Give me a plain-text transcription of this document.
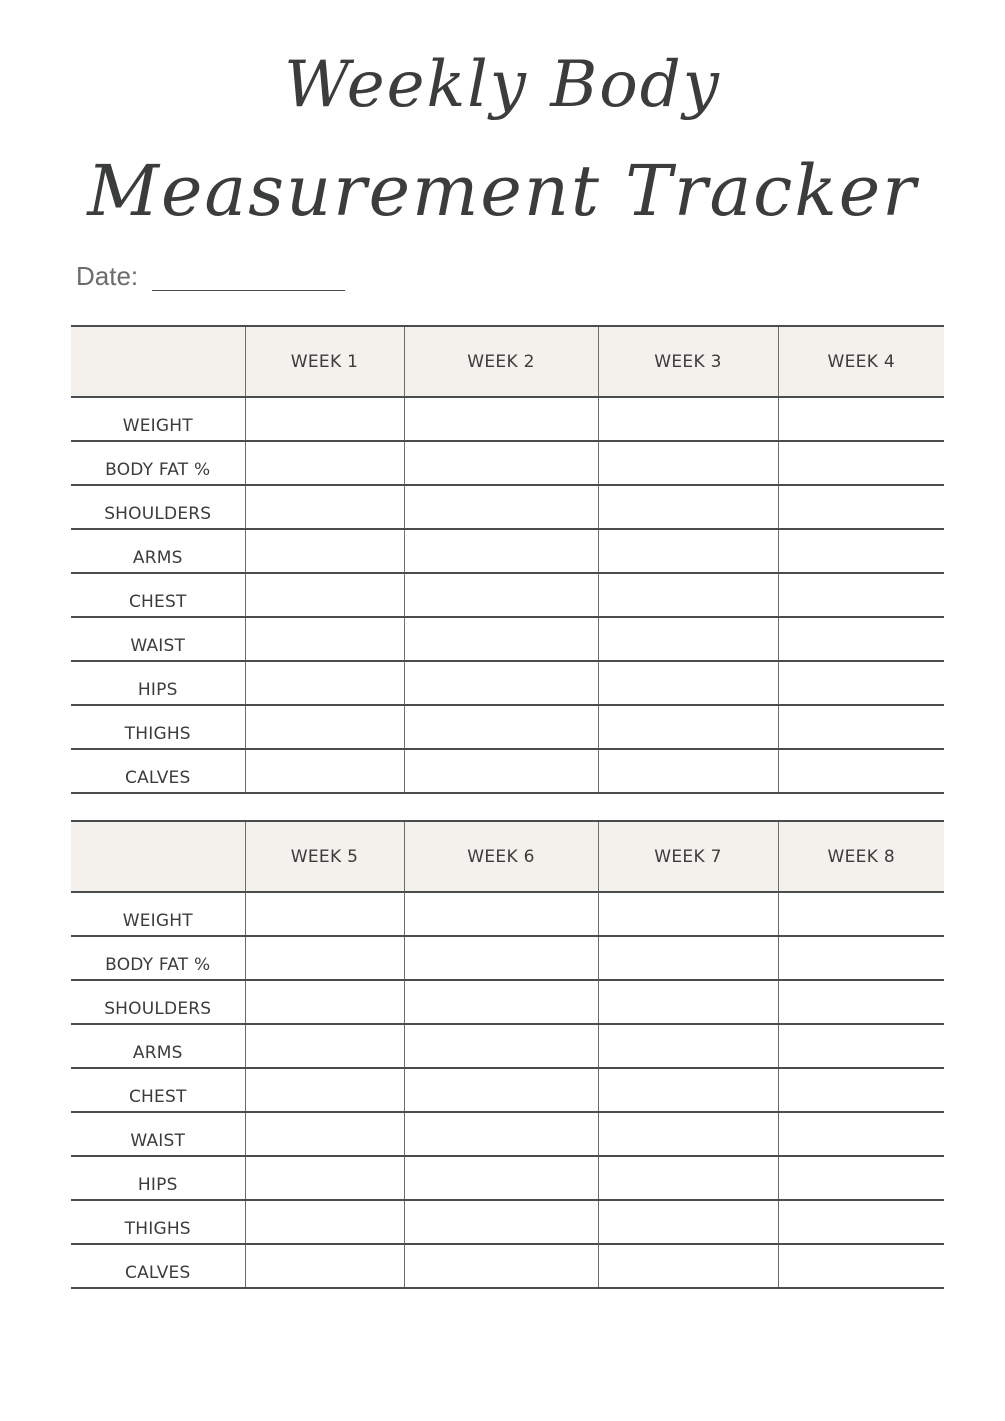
Weekly Body
Measurement Tracker
Date:
	WEEK 1	WEEK 2	WEEK 3	WEEK 4
WEIGHT				
BODY FAT %				
SHOULDERS				
ARMS				
CHEST				
WAIST				
HIPS				
THIGHS				
CALVES				
	WEEK 5	WEEK 6	WEEK 7	WEEK 8
WEIGHT				
BODY FAT %				
SHOULDERS				
ARMS				
CHEST				
WAIST				
HIPS				
THIGHS				
CALVES				
